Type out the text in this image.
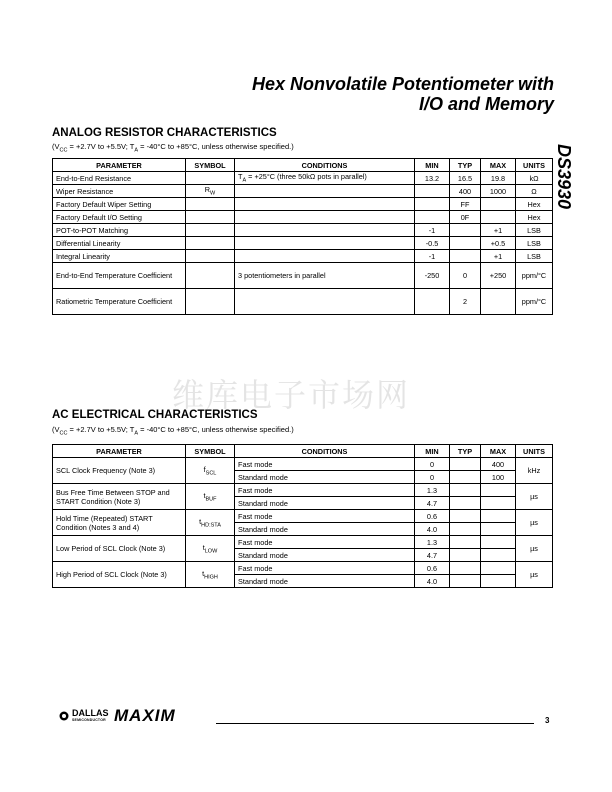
Hex Nonvolatile Potentiometer with
I/O and Memory
DS3930
ANALOG RESISTOR CHARACTERISTICS
($V_{CC} = +2.7V$ to +5.5V; $T_A = -40^\circ C$ to +85°C, unless otherwise specified.)
PARAMETER	SYMBOL	CONDITIONS	MIN	TYP	MAX	UNITS
End-to-End Resistance		$T_A = +25^\circ C$ (three 50kΩ pots in parallel)	13.2	16.5	19.8	kΩ
Wiper Resistance	$R_W$			400	1000	Ω
Factory Default Wiper Setting				FF		Hex
Factory Default I/O Setting				0F		Hex
POT-to-POT Matching			-1		+1	LSB
Differential Linearity			-0.5		+0.5	LSB
Integral Linearity			-1		+1	LSB
End-to-End Temperature Coefficient		3 potentiometers in parallel	-250	0	+250	ppm/°C
Ratiometric Temperature Coefficient				2		ppm/°C
维库电子市场网
AC ELECTRICAL CHARACTERISTICS
($V_{CC} = +2.7V$ to +5.5V; $T_A = -40^\circ C$ to +85°C, unless otherwise specified.)
PARAMETER	SYMBOL	CONDITIONS	MIN	TYP	MAX	UNITS
SCL Clock Frequency (Note 3)	$f_{SCL}$	Fast mode	0		400	kHz
		Standard mode	0		100	
Bus Free Time Between STOP and START Condition (Note 3)	$t_{BUF}$	Fast mode	1.3			µs
		Standard mode	4.7			
Hold Time (Repeated) START Condition (Notes 3 and 4)	$t_{HD:STA}$	Fast mode	0.6			µs
		Standard mode	4.0			
Low Period of SCL Clock (Note 3)	$t_{LOW}$	Fast mode	1.3			µs
		Standard mode	4.7			
High Period of SCL Clock (Note 3)	$t_{HIGH}$	Fast mode	0.6			µs
		Standard mode	4.0			
DALLAS
SEMICONDUCTOR MAXIM	3
